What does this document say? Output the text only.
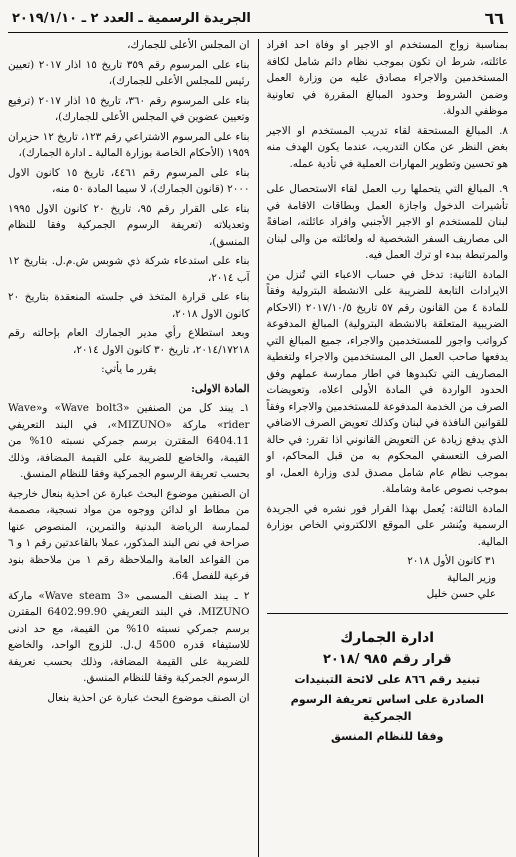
٦٦
الجريدة الرسمية ـ العدد ٢ ـ ٢٠١٩/١/١٠

بمناسبة زواج المستخدم او الاجير او وفاة احد افراد عائلته، شرط ان تكون بموجب نظام دائم شامل لكافة المستخدمين والاجراء مصادق عليه من وزارة العمل وضمن الشروط وحدود المبالغ المقررة في تعاونية موظفي الدولة.

٨. المبالغ المستحقة لقاء تدريب المستخدم او الاجير بغض النظر عن مكان التدريب، عندما يكون الهدف منه هو تحسين وتطوير المهارات العملية في تأدية عمله.

٩. المبالغ التي يتحملها رب العمل لقاء الاستحصال على تأشيرات الدخول واجازة العمل وبطاقات الاقامة في لبنان للمستخدم او الاجير الأجنبي وافراد عائلته، اضافةً الى مصاريف السفر الشخصية له ولعائلته من والى لبنان والمرتبطة ببدء او ترك العمل فيه.

المادة الثانية: تدخل في حساب الاعباء التي تُنزل من الايرادات التابعة للضريبة على الانشطة البترولية وفقاً للمادة ٤ من القانون رقم ٥٧ تاريخ ٢٠١٧/١٠/٥ (الاحكام الضريبية المتعلقة بالانشطة البترولية) المبالغ المدفوعة كرواتب واجور للمستخدمين والاجراء، جميع المبالغ التي يدفعها صاحب العمل الى المستخدمين والاجراء ولتغطية المصاريف التي تكبدوها في اطار ممارسة عملهم وفق الحدود الواردة في المادة الأولى اعلاه، وتعويضات الصرف من الخدمة المدفوعة للمستخدمين والاجراء وفقاً للقوانين النافذة في لبنان وكذلك تعويض الصرف الاضافي الذي يدفع زيادة عن التعويض القانوني اذا تقرر: في حالة الصرف التعسفي المحكوم به من قبل المحاكم، او بموجب نظام عام شامل مصدق لدى وزارة العمل، او بموجب نصوص عامة وشاملة.

المادة الثالثة: يُعمل بهذا القرار فور نشره في الجريدة الرسمية ويُنشر على الموقع الالكتروني الخاص بوزارة المالية.

٣١ كانون الأول ٢٠١٨

وزير المالية

علي حسن خليل

ادارة الجمارك
قرار رقم ٩٨٥ /٢٠١٨
تبنيد رقم ٨٦٦ على لائحة التبنيدات
الصادرة على اساس تعريفة الرسوم الجمركية
وفقا للنظام المنسق

ان المجلس الأعلى للجمارك،

بناء على المرسوم رقم ٣٥٩ تاريخ ١٥ اذار ٢٠١٧ (تعيين رئيس للمجلس الأعلى للجمارك)،

بناء على المرسوم رقم ٣٦٠، تاريخ ١٥ اذار ٢٠١٧ (ترفيع وتعيين عضوين في المجلس الأعلى للجمارك)،

بناء على المرسوم الاشتراعي رقم ١٢٣، تاريخ ١٢ حزيران ١٩٥٩ (الأحكام الخاصة بوزارة المالية ـ ادارة الجمارك)،

بناء على المرسوم رقم ٤٤٦١، تاريخ ١٥ كانون الاول ٢٠٠٠ (قانون الجمارك)، لا سيما المادة ٥٠ منه،

بناء على القرار رقم ٩٥، تاريخ ٢٠ كانون الاول ١٩٩٥ وتعديلاته (تعريفة الرسوم الجمركية وفقا للنظام المنسق)،

بناء على استدعاء شركة ذي شوبس ش.م.ل. بتاريخ ١٢ آب ٢٠١٤،

بناء على قرارة المتخذ في جلسته المنعقدة بتاريخ ٢٠ كانون الاول ٢٠١٨،

وبعد استطلاع رأي مدير الجمارك العام بإحالته رقم ٢٠١٤/١٧٢١٨، تاريخ ٣٠ كانون الاول ٢٠١٤،

يقرر ما يأتي:

المادة الاولى:

١ـ يبند كل من الصنفين «Wave bolt3» و«Wave rider» ماركة «MIZUNO»، في البند التعريفي 6404.11 المقترن برسم جمركي نسبته 10% من القيمة، والخاضع للضريبة على القيمة المضافة، وذلك بحسب تعريفة الرسوم الجمركية وفقا للنظام المنسق.

ان الصنفين موضوع البحث عبارة عن احذية بنعال خارجية من مطاط او لدائن ووجوه من مواد نسجية، مصممة لممارسة الرياضة البدنية والتمرين، المنصوص عنها صراحة في نص البند المذكور، عملا بالقاعدتين رقم ١ و ٦ من القواعد العامة والملاحظة رقم ١ من ملاحظة بنود فرعية للفصل 64.

٢ ـ يبند الصنف المسمى «Wave steam 3» ماركة MIZUNO، في البند التعريفي 6402.99.90 المقترن برسم جمركي نسبته 10% من القيمة، مع حد ادنى للاستيفاء قدره 4500 ل.ل. للزوج الواحد، والخاضع للضريبة على القيمة المضافة، وذلك بحسب تعريفة الرسوم الجمركية وفقا للنظام المنسق.

ان الصنف موضوع البحث عبارة عن احذية بنعال
